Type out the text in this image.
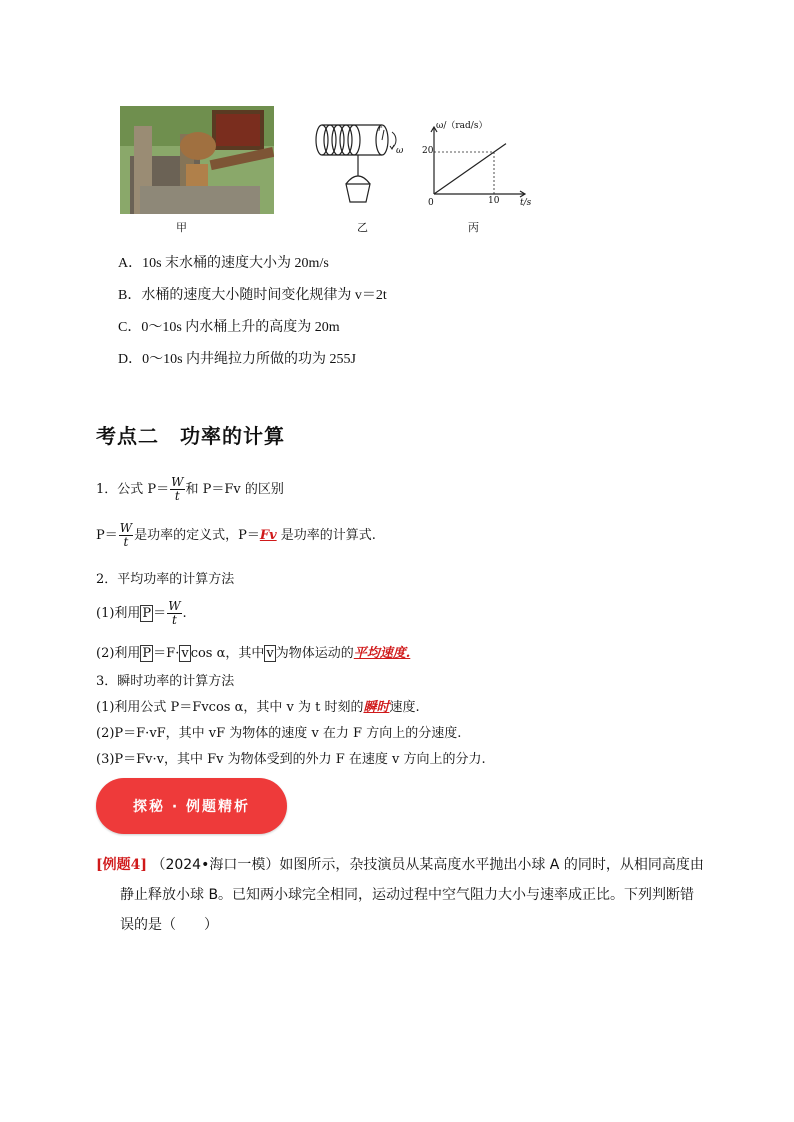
甲
r
ω
乙
ω/（rad/s）
t/s
0
20
10
丙
A．10s 末水桶的速度大小为 20m/s
B．水桶的速度大小随时间变化规律为 v＝2t
C．0～10s 内水桶上升的高度为 20m
D．0～10s 内井绳拉力所做的功为 255J
考点二　功率的计算
1．公式 $P= \frac{W}{t}$ 和 P＝Fv 的区别
$P= \frac{W}{t}$ 是功率的定义式，P＝Fv 是功率的计算式.
2．平均功率的计算方法
(1)利用 $P = \frac{W}{t}$ .
(2)利用 P ＝F· v cos α，其中 v 为物体运动的平均速度.
3．瞬时功率的计算方法
(1)利用公式 P＝Fvcos α，其中 v 为 t 时刻的瞬时速度.
(2)P＝F·vF，其中 vF 为物体的速度 v 在力 F 方向上的分速度.
(3)P＝Fv·v，其中 Fv 为物体受到的外力 F 在速度 v 方向上的分力.
探秘 · 例题精析
[例题4] （2024•海口一模）如图所示，杂技演员从某高度水平抛出小球 A 的同时，从相同高度由
静止释放小球 B。已知两小球完全相同，运动过程中空气阻力大小与速率成正比。下列判断错误的是（　　）
